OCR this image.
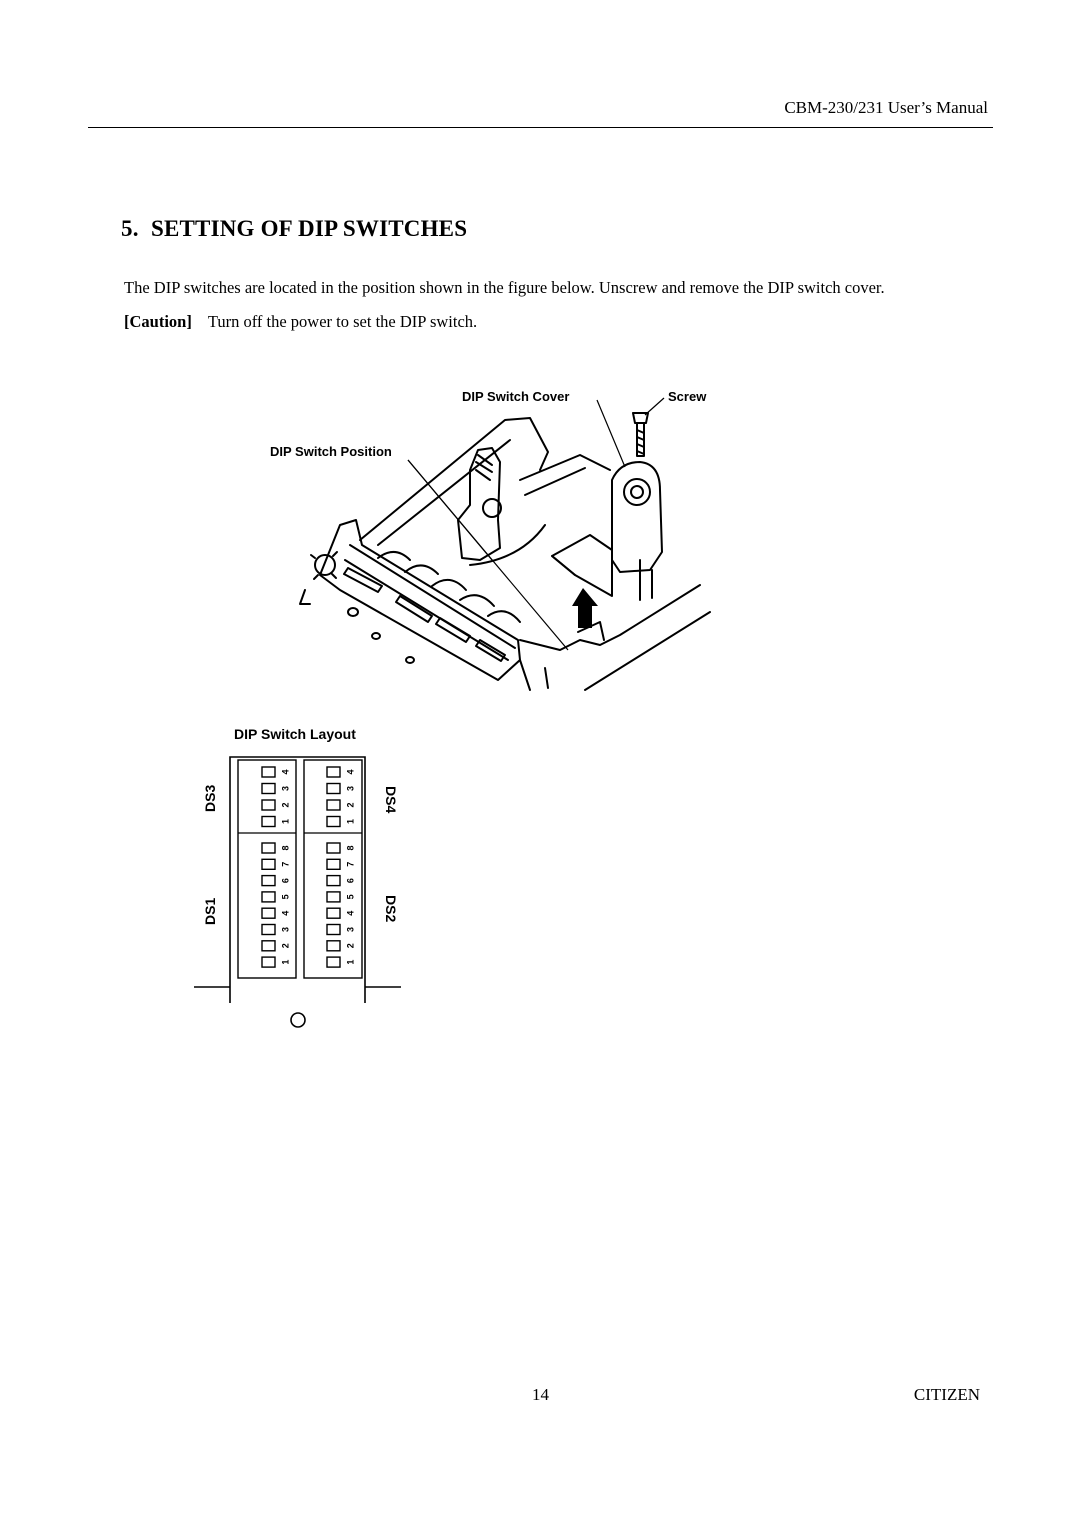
CBM-230/231 User’s Manual
5. SETTING OF DIP SWITCHES
The DIP switches are located in the position shown in the figure below. Unscrew and remove the DIP switch cover.
[Caution] Turn off the power to set the DIP switch.
DIP Switch Cover	Screw
DIP Switch Position
DIP Switch Layout
4	4
3	3
2	2
1	1
8	8
7	7
6	6
5	5
4	4
3	3
2	2
1	1
DS3	DS4
DS1	DS2
14	CITIZEN
